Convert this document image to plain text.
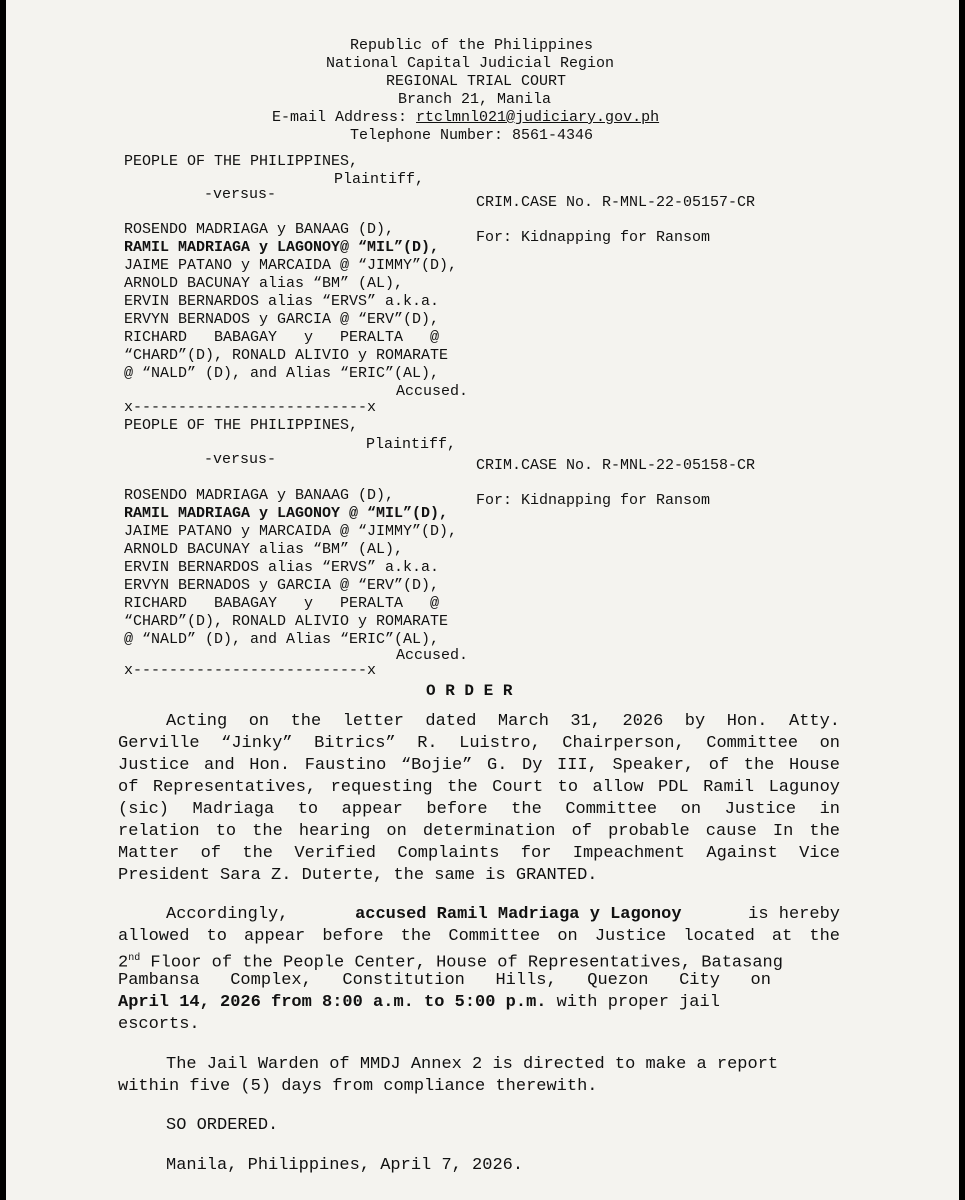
Republic of the Philippines
National Capital Judicial Region
REGIONAL TRIAL COURT
Branch 21, Manila
E-mail Address: rtclmnl021@judiciary.gov.ph
Telephone Number: 8561-4346
PEOPLE OF THE PHILIPPINES,
Plaintiff,
-versus-	CRIM.CASE No. R-MNL-22-05157-CR
For: Kidnapping for Ransom
ROSENDO MADRIAGA y BANAAG (D),
RAMIL MADRIAGA y LAGONOY@ “MIL”(D),
JAIME PATANO y MARCAIDA @ “JIMMY”(D),
ARNOLD BACUNAY alias “BM” (AL),
ERVIN BERNARDOS alias “ERVS” a.k.a.
ERVYN BERNADOS y GARCIA @ “ERV”(D),
RICHARD   BABAGAY   y   PERALTA   @
“CHARD”(D), RONALD ALIVIO y ROMARATE
@ “NALD” (D), and Alias “ERIC”(AL),
Accused.
x--------------------------x
PEOPLE OF THE PHILIPPINES,
Plaintiff,
-versus-	CRIM.CASE No. R-MNL-22-05158-CR
For: Kidnapping for Ransom
ROSENDO MADRIAGA y BANAAG (D),
RAMIL MADRIAGA y LAGONOY @ “MIL”(D),
JAIME PATANO y MARCAIDA @ “JIMMY”(D),
ARNOLD BACUNAY alias “BM” (AL),
ERVIN BERNARDOS alias “ERVS” a.k.a.
ERVYN BERNADOS y GARCIA @ “ERV”(D),
RICHARD   BABAGAY   y   PERALTA   @
“CHARD”(D), RONALD ALIVIO y ROMARATE
@ “NALD” (D), and Alias “ERIC”(AL),
Accused.
x--------------------------x
O R D E R
Acting on the letter dated March 31, 2026 by Hon. Atty.
Gerville “Jinky” Bitrics” R. Luistro, Chairperson, Committee on
Justice and Hon. Faustino “Bojie” G. Dy III, Speaker, of the House
of Representatives, requesting the Court to allow PDL Ramil Lagunoy
(sic) Madriaga to appear before the Committee on Justice in
relation to the hearing on determination of probable cause In the
Matter of the Verified Complaints for Impeachment Against Vice
President Sara Z. Duterte, the same is GRANTED.
Accordingly,	accused Ramil Madriaga y Lagonoy	is hereby
allowed to appear before the Committee on Justice located at the
2nd Floor of the People Center, House of Representatives, Batasang
Pambansa   Complex,   Constitution   Hills,   Quezon   City   on
April 14, 2026 from 8:00 a.m. to 5:00 p.m. with proper jail
escorts.
The Jail Warden of MMDJ Annex 2 is directed to make a report
within five (5) days from compliance therewith.
SO ORDERED.
Manila, Philippines, April 7, 2026.
